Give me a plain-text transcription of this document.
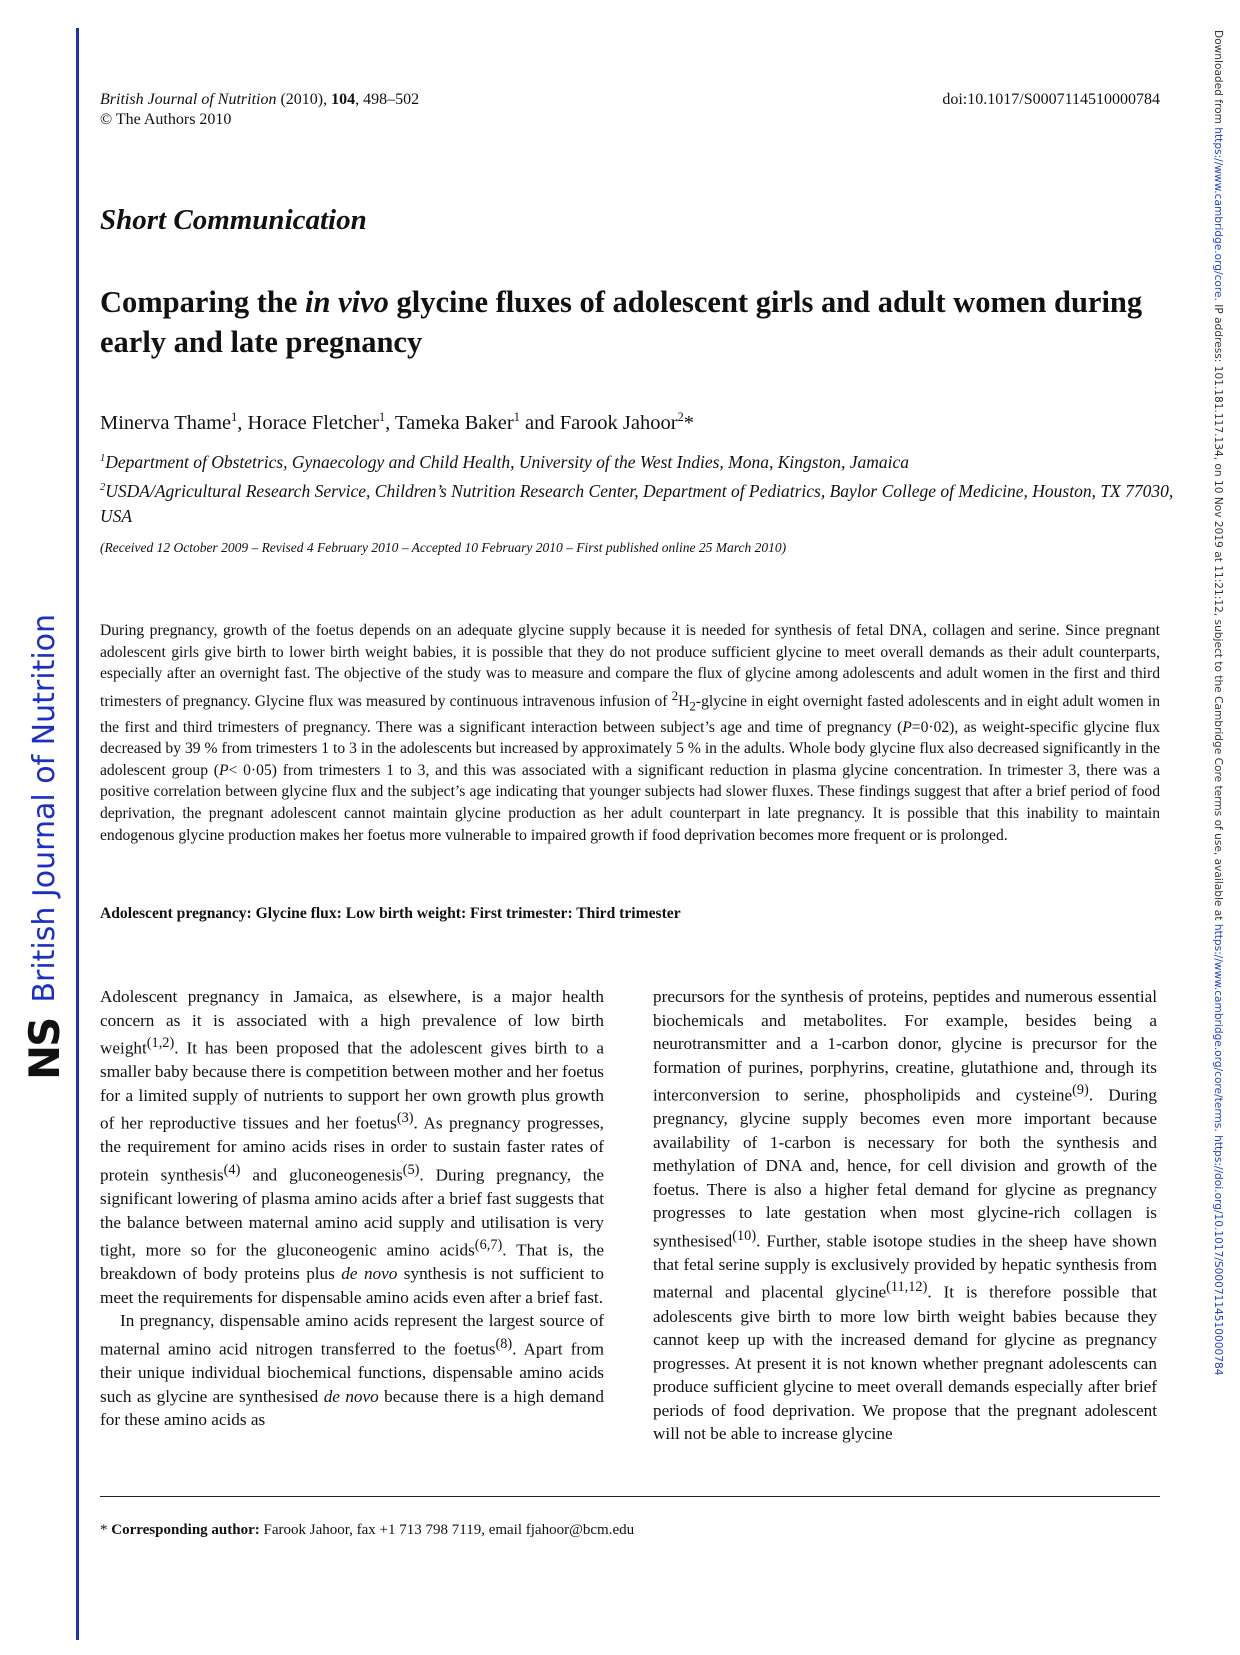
NS
British Journal of Nutrition
Downloaded from https://www.cambridge.org/core. IP address: 101.181.117.134, on 10 Nov 2019 at 11:21:12, subject to the Cambridge Core terms of use, available at https://www.cambridge.org/core/terms. https://doi.org/10.1017/S0007114510000784
British Journal of Nutrition (2010), 104, 498–502
© The Authors 2010
doi:10.1017/S0007114510000784
Short Communication
Comparing the in vivo glycine fluxes of adolescent girls and adult women during early and late pregnancy
Minerva Thame$^1$, Horace Fletcher$^1$, Tameka Baker$^1$ and Farook Jahoor$^2$*
$^1$Department of Obstetrics, Gynaecology and Child Health, University of the West Indies, Mona, Kingston, Jamaica
$^2$USDA/Agricultural Research Service, Children’s Nutrition Research Center, Department of Pediatrics, Baylor College of Medicine, Houston, TX 77030, USA
(Received 12 October 2009 – Revised 4 February 2010 – Accepted 10 February 2010 – First published online 25 March 2010)
During pregnancy, growth of the foetus depends on an adequate glycine supply because it is needed for synthesis of fetal DNA, collagen and serine. Since pregnant adolescent girls give birth to lower birth weight babies, it is possible that they do not produce sufficient glycine to meet overall demands as their adult counterparts, especially after an overnight fast. The objective of the study was to measure and compare the flux of glycine among adolescents and adult women in the first and third trimesters of pregnancy. Glycine flux was measured by continuous intravenous infusion of $^2H_2$-glycine in eight overnight fasted adolescents and in eight adult women in the first and third trimesters of pregnancy. There was a significant interaction between subject’s age and time of pregnancy (P=0·02), as weight-specific glycine flux decreased by 39 % from trimesters 1 to 3 in the adolescents but increased by approximately 5 % in the adults. Whole body glycine flux also decreased significantly in the adolescent group (P< 0·05) from trimesters 1 to 3, and this was associated with a significant reduction in plasma glycine concentration. In trimester 3, there was a positive correlation between glycine flux and the subject’s age indicating that younger subjects had slower fluxes. These findings suggest that after a brief period of food deprivation, the pregnant adolescent cannot maintain glycine production as her adult counterpart in late pregnancy. It is possible that this inability to maintain endogenous glycine production makes her foetus more vulnerable to impaired growth if food deprivation becomes more frequent or is prolonged.
Adolescent pregnancy: Glycine flux: Low birth weight: First trimester: Third trimester

Adolescent pregnancy in Jamaica, as elsewhere, is a major health concern as it is associated with a high prevalence of low birth weight$^{(1,2)}$. It has been proposed that the adolescent gives birth to a smaller baby because there is competition between mother and her foetus for a limited supply of nutrients to support her own growth plus growth of her reproductive tissues and her foetus$^{(3)}$. As pregnancy progresses, the requirement for amino acids rises in order to sustain faster rates of protein synthesis$^{(4)}$ and gluconeogenesis$^{(5)}$. During pregnancy, the significant lowering of plasma amino acids after a brief fast suggests that the balance between maternal amino acid supply and utilisation is very tight, more so for the gluconeogenic amino acids$^{(6,7)}$. That is, the breakdown of body proteins plus de novo synthesis is not sufficient to meet the requirements for dispensable amino acids even after a brief fast.

In pregnancy, dispensable amino acids represent the largest source of maternal amino acid nitrogen transferred to the foetus$^{(8)}$. Apart from their unique individual biochemical functions, dispensable amino acids such as glycine are synthesised de novo because there is a high demand for these amino acids as

precursors for the synthesis of proteins, peptides and numerous essential biochemicals and metabolites. For example, besides being a neurotransmitter and a 1-carbon donor, glycine is precursor for the formation of purines, porphyrins, creatine, glutathione and, through its interconversion to serine, phospholipids and cysteine$^{(9)}$. During pregnancy, glycine supply becomes even more important because availability of 1-carbon is necessary for both the synthesis and methylation of DNA and, hence, for cell division and growth of the foetus. There is also a higher fetal demand for glycine as pregnancy progresses to late gestation when most glycine-rich collagen is synthesised$^{(10)}$. Further, stable isotope studies in the sheep have shown that fetal serine supply is exclusively provided by hepatic synthesis from maternal and placental glycine$^{(11,12)}$. It is therefore possible that adolescents give birth to more low birth weight babies because they cannot keep up with the increased demand for glycine as pregnancy progresses. At present it is not known whether pregnant adolescents can produce sufficient glycine to meet overall demands especially after brief periods of food deprivation. We propose that the pregnant adolescent will not be able to increase glycine

* Corresponding author: Farook Jahoor, fax +1 713 798 7119, email fjahoor@bcm.edu
